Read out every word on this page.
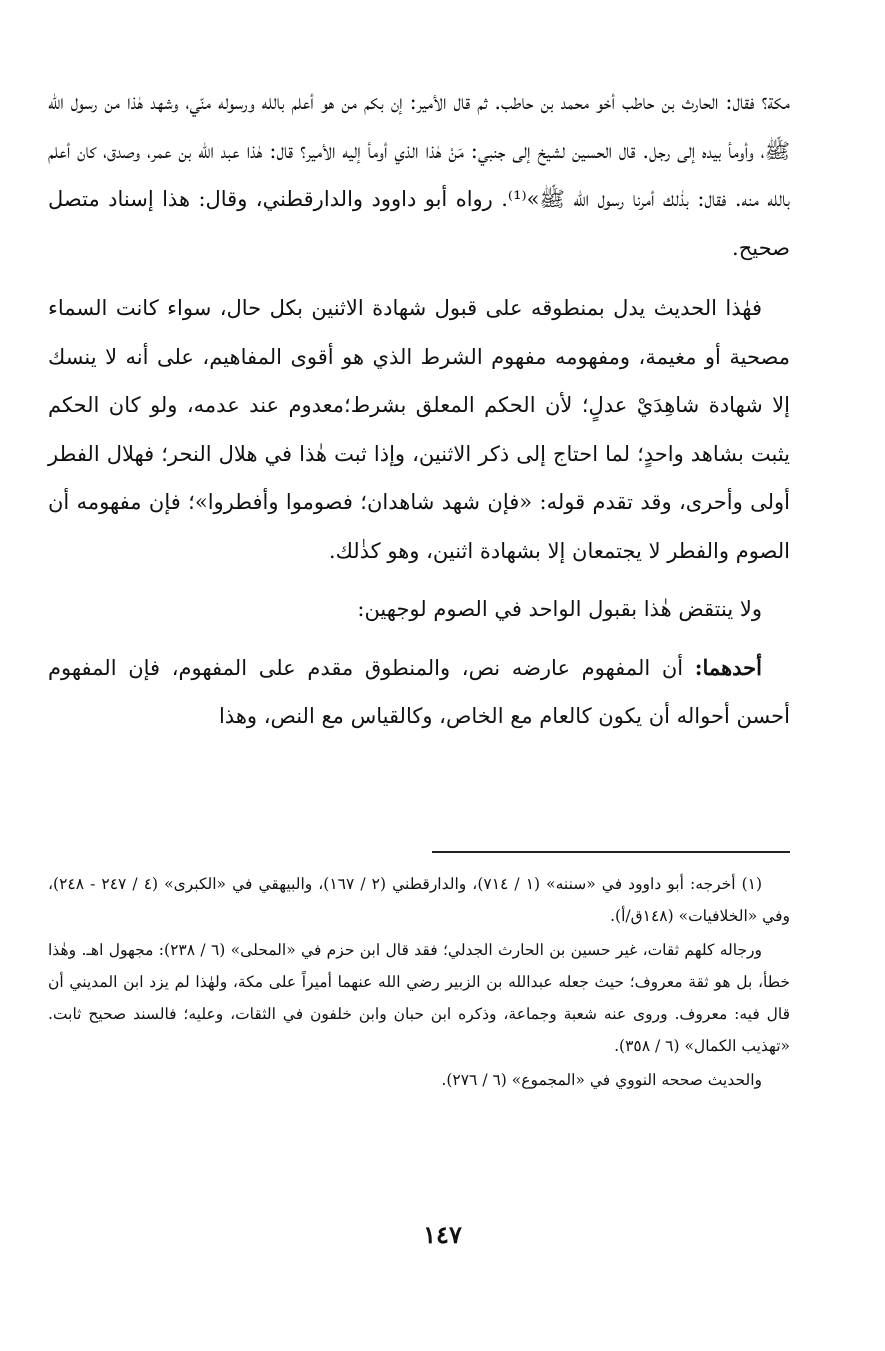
مكة؟ فقال: الحارث بن حاطب أخو محمد بن حاطب. ثم قال الأمير: إن بكم من هو أعلم بالله ورسوله منّي، وشهد هٰذا من رسول الله ﷺ، وأومأ بيده إلى رجل. قال الحسين لشيخ إلى جنبي: مَنْ هٰذا الذي أومأ إليه الأمير؟ قال: هٰذا عبد الله بن عمر، وصدق، كان أعلم بالله منه. فقال: بذٰلك أمرنا رسول الله ﷺ»⁽¹⁾. رواه أبو داوود والدارقطني، وقال: هذا إسناد متصل صحيح.

فهٰذا الحديث يدل بمنطوقه على قبول شهادة الاثنين بكل حال، سواء كانت السماء مصحية أو مغيمة، ومفهومه مفهوم الشرط الذي هو أقوى المفاهيم، على أنه لا ينسك إلا شهادة شاهِدَيْ عدلٍ؛ لأن الحكم المعلق بشرط؛معدوم عند عدمه، ولو كان الحكم يثبت بشاهد واحدٍ؛ لما احتاج إلى ذكر الاثنين، وإذا ثبت هٰذا في هلال النحر؛ فهلال الفطر أولى وأحرى، وقد تقدم قوله: «فإن شهد شاهدان؛ فصوموا وأفطروا»؛ فإن مفهومه أن الصوم والفطر لا يجتمعان إلا بشهادة اثنين، وهو كذٰلك.

ولا ينتقض هٰذا بقبول الواحد في الصوم لوجهين:

أحدهما: أن المفهوم عارضه نص، والمنطوق مقدم على المفهوم، فإن المفهوم أحسن أحواله أن يكون كالعام مع الخاص، وكالقياس مع النص، وهذا

(١) أخرجه: أبو داوود في «سننه» (١ / ٧١٤)، والدارقطني (٢ / ١٦٧)، والبيهقي في «الكبرى» (٤ / ٢٤٧ - ٢٤٨)، وفي «الخلافيات» (١٤٨ق/أ).

ورجاله كلهم ثقات، غير حسين بن الحارث الجدلي؛ فقد قال ابن حزم في «المحلى» (٦ / ٢٣٨): مجهول اهـ. وهٰذا خطأ، بل هو ثقة معروف؛ حيث جعله عبدالله بن الزبير رضي الله عنهما أميراً على مكة، ولهٰذا لم يزد ابن المديني أن قال فيه: معروف. وروى عنه شعبة وجماعة، وذكره ابن حبان وابن خلفون في الثقات، وعليه؛ فالسند صحيح ثابت. «تهذيب الكمال» (٦ / ٣٥٨).

والحديث صححه النووي في «المجموع» (٦ / ٢٧٦).

١٤٧
